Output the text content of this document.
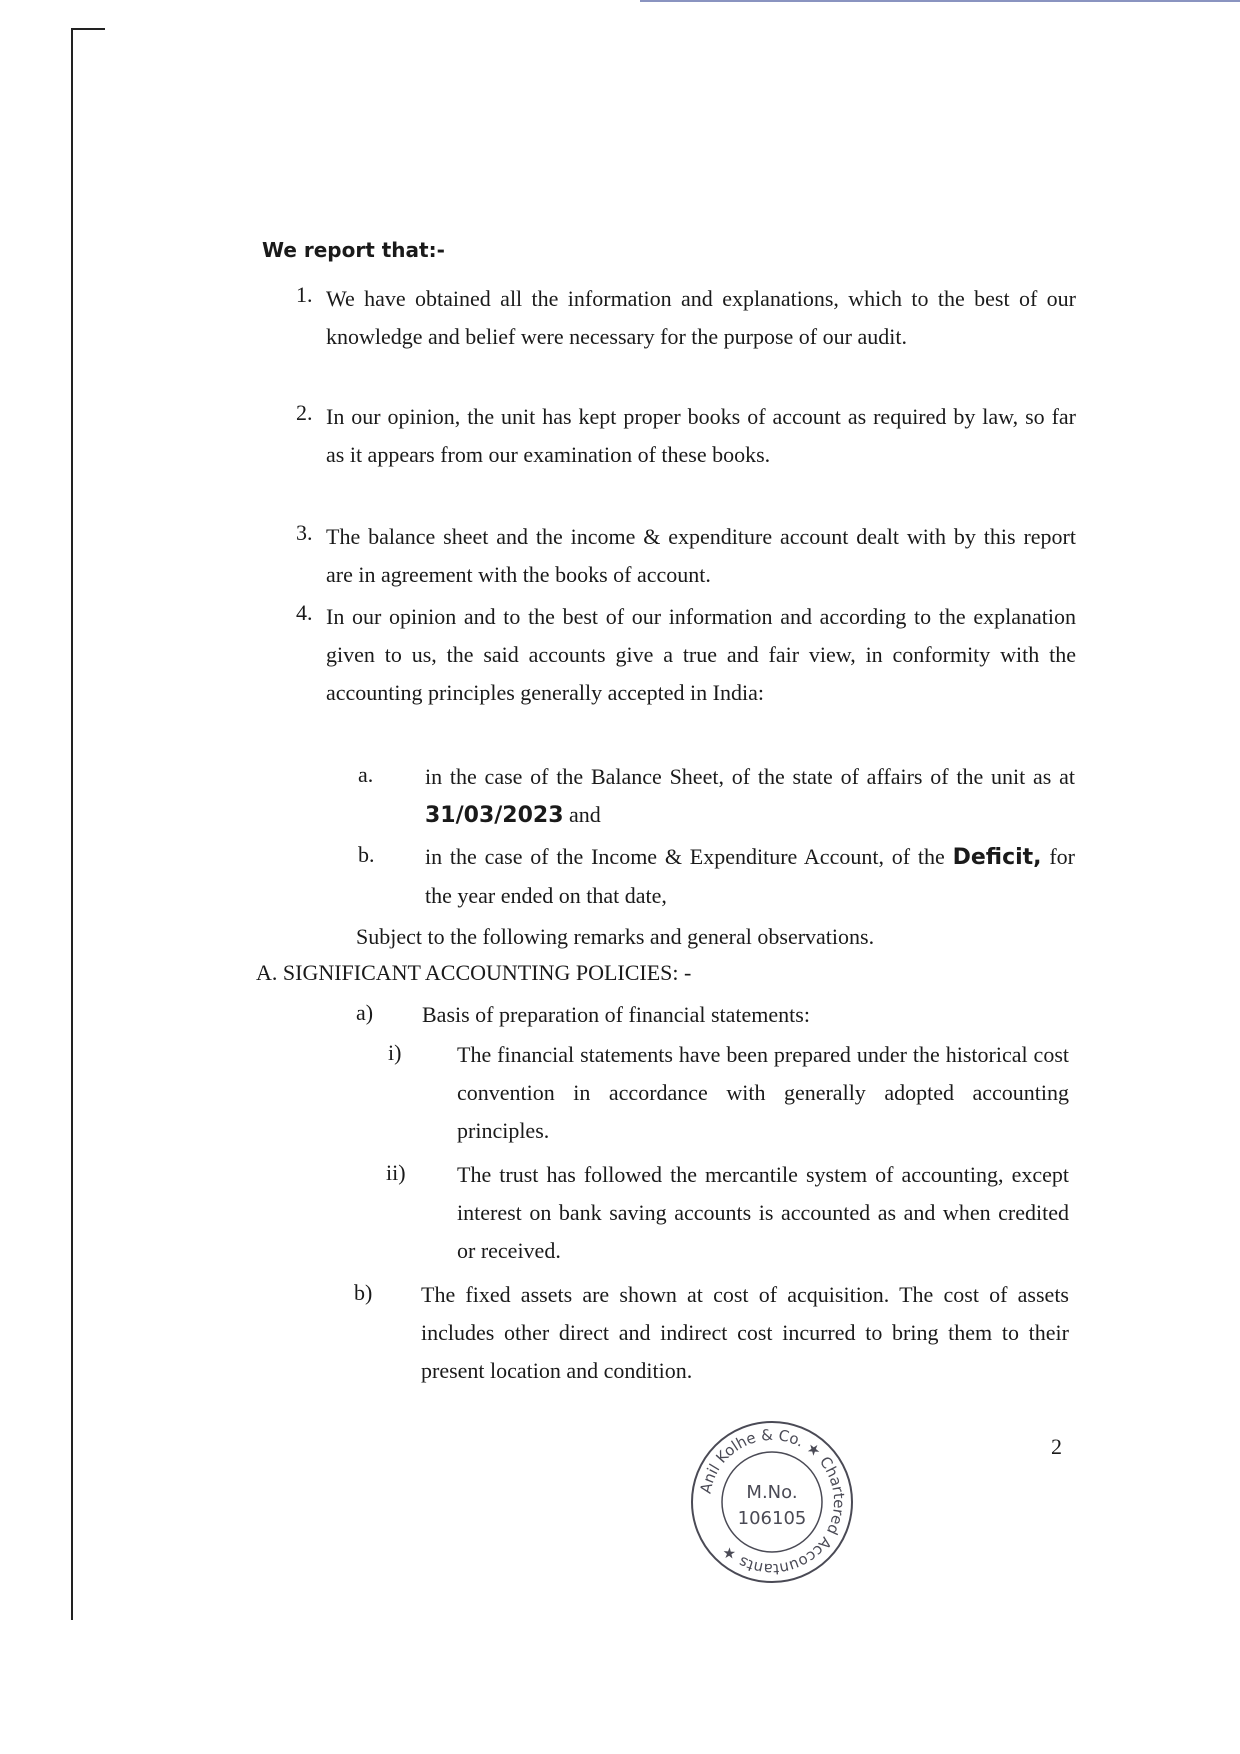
We report that:-
1. We have obtained all the information and explanations, which to the best of our knowledge and belief were necessary for the purpose of our audit.
2. In our opinion, the unit has kept proper books of account as required by law, so far as it appears from our examination of these books.
3. The balance sheet and the income & expenditure account dealt with by this report are in agreement with the books of account.
4. In our opinion and to the best of our information and according to the explanation given to us, the said accounts give a true and fair view, in conformity with the accounting principles generally accepted in India:
a. in the case of the Balance Sheet, of the state of affairs of the unit as at 31/03/2023 and
b. in the case of the Income & Expenditure Account, of the Deficit, for the year ended on that date,
Subject to the following remarks and general observations.
A. SIGNIFICANT ACCOUNTING POLICIES: -
a) Basis of preparation of financial statements:
i)	The financial statements have been prepared under the historical cost convention in accordance with generally adopted accounting principles.
ii) The trust has followed the mercantile system of accounting, except interest on bank saving accounts is accounted as and when credited or received.
b) The fixed assets are shown at cost of acquisition. The cost of assets includes other direct and indirect cost incurred to bring them to their present location and condition.
Anil Kolhe & Co. ★ Chartered Accountants ★
M.No.
106105
2
